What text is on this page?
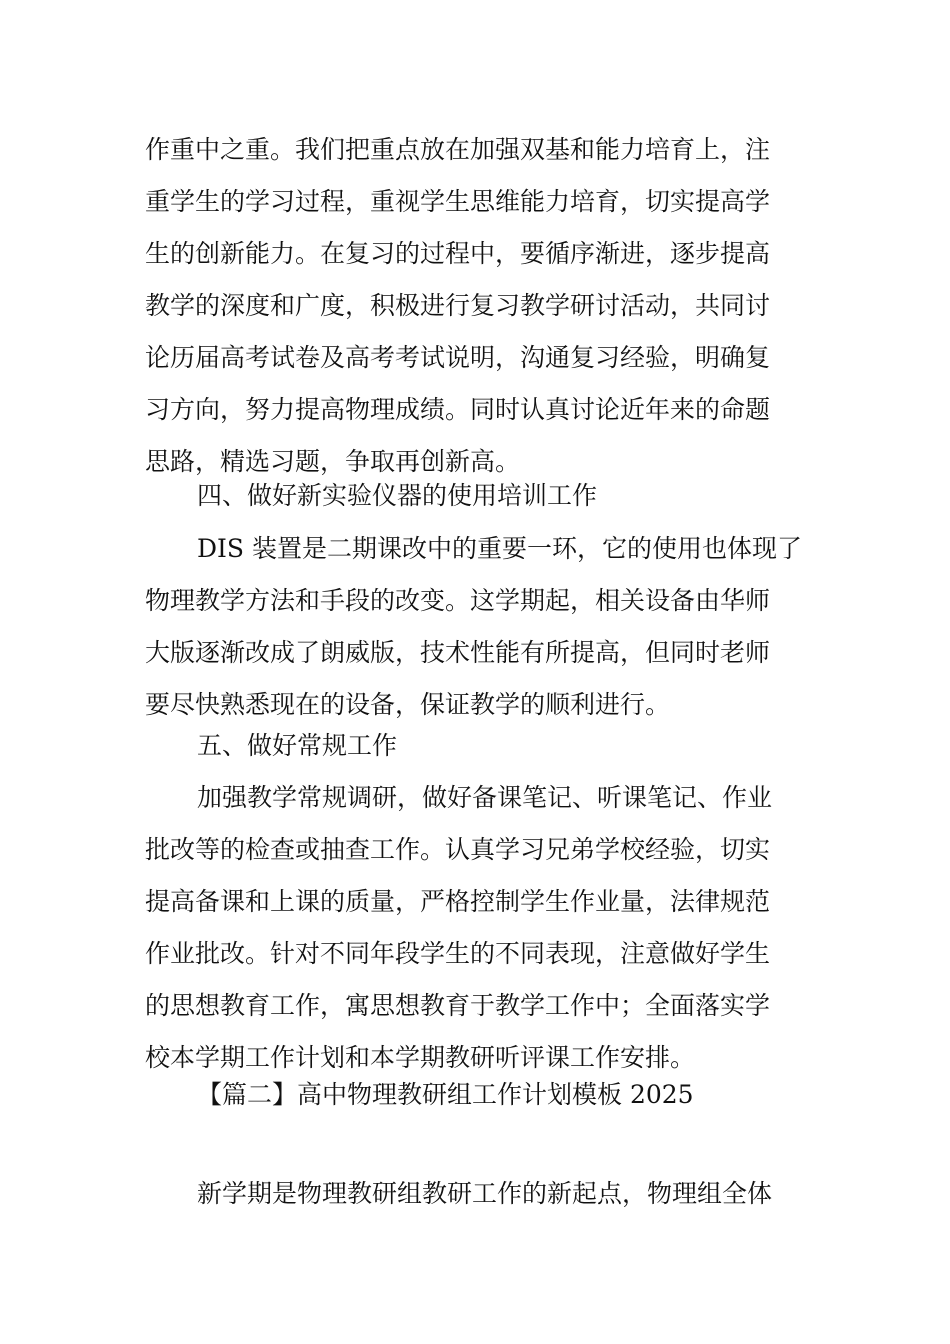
作重中之重。我们把重点放在加强双基和能力培育上，注
重学生的学习过程，重视学生思维能力培育，切实提高学
生的创新能力。在复习的过程中，要循序渐进，逐步提高
教学的深度和广度，积极进行复习教学研讨活动，共同讨
论历届高考试卷及高考考试说明，沟通复习经验，明确复
习方向，努力提高物理成绩。同时认真讨论近年来的命题
思路，精选习题，争取再创新高。
四、做好新实验仪器的使用培训工作
DIS 装置是二期课改中的重要一环，它的使用也体现了
物理教学方法和手段的改变。这学期起，相关设备由华师
大版逐渐改成了朗威版，技术性能有所提高，但同时老师
要尽快熟悉现在的设备，保证教学的顺利进行。
五、做好常规工作
加强教学常规调研，做好备课笔记、听课笔记、作业
批改等的检查或抽查工作。认真学习兄弟学校经验，切实
提高备课和上课的质量，严格控制学生作业量，法律规范
作业批改。针对不同年段学生的不同表现，注意做好学生
的思想教育工作，寓思想教育于教学工作中；全面落实学
校本学期工作计划和本学期教研听评课工作安排。
【篇二】高中物理教研组工作计划模板 2025
新学期是物理教研组教研工作的新起点，物理组全体
